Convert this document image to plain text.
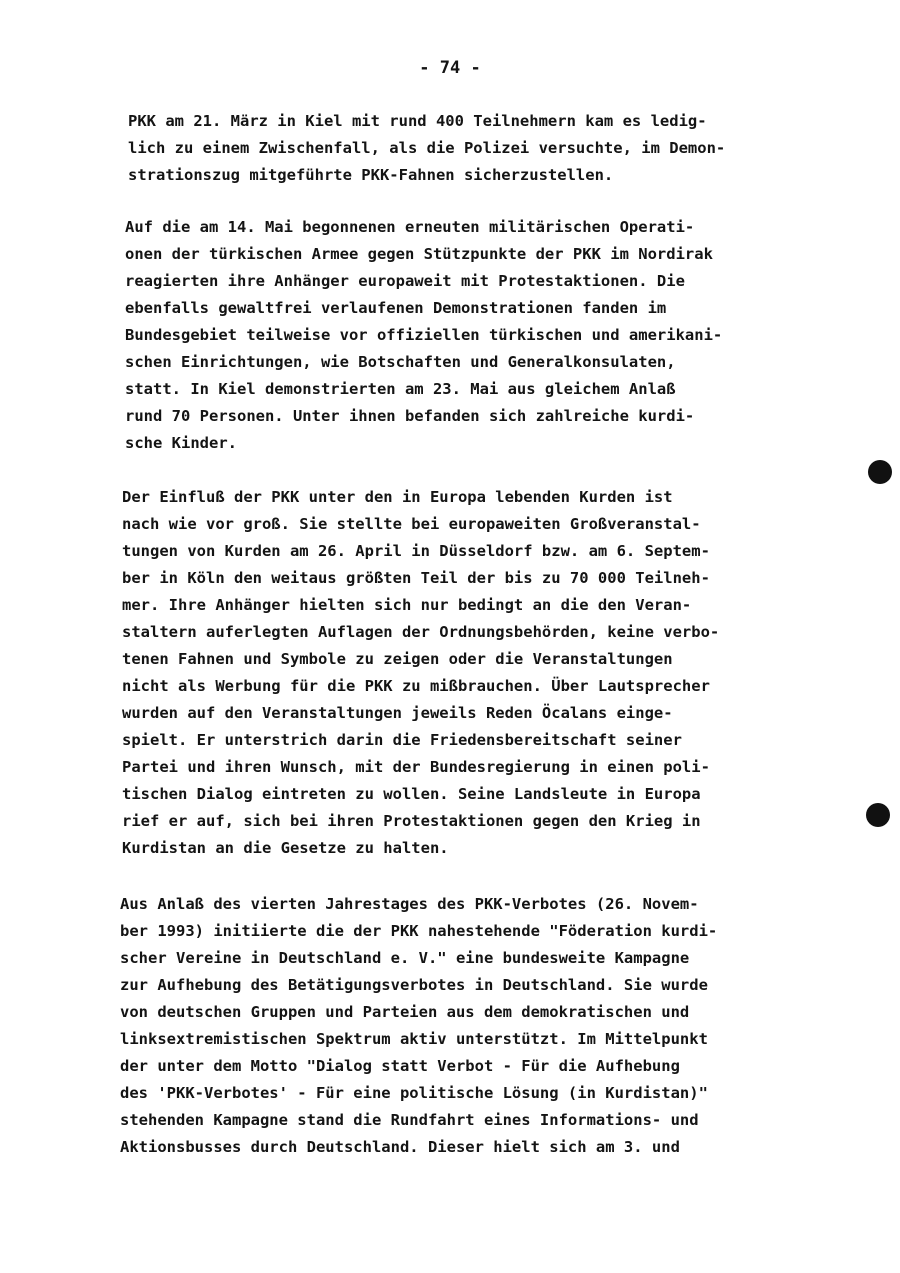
- 74 -

PKK am 21. März in Kiel mit rund 400 Teilnehmern kam es ledig-
lich zu einem Zwischenfall, als die Polizei versuchte, im Demon-
strationszug mitgeführte PKK-Fahnen sicherzustellen.

Auf die am 14. Mai begonnenen erneuten militärischen Operati-
onen der türkischen Armee gegen Stützpunkte der PKK im Nordirak
reagierten ihre Anhänger europaweit mit Protestaktionen. Die
ebenfalls gewaltfrei verlaufenen Demonstrationen fanden im
Bundesgebiet teilweise vor offiziellen türkischen und amerikani-
schen Einrichtungen, wie Botschaften und Generalkonsulaten,
statt. In Kiel demonstrierten am 23. Mai aus gleichem Anlaß
rund 70 Personen. Unter ihnen befanden sich zahlreiche kurdi-
sche Kinder.

Der Einfluß der PKK unter den in Europa lebenden Kurden ist
nach wie vor groß. Sie stellte bei europaweiten Großveranstal-
tungen von Kurden am 26. April in Düsseldorf bzw. am 6. Septem-
ber in Köln den weitaus größten Teil der bis zu 70 000 Teilneh-
mer. Ihre Anhänger hielten sich nur bedingt an die den Veran-
staltern auferlegten Auflagen der Ordnungsbehörden, keine verbo-
tenen Fahnen und Symbole zu zeigen oder die Veranstaltungen
nicht als Werbung für die PKK zu mißbrauchen. Über Lautsprecher
wurden auf den Veranstaltungen jeweils Reden Öcalans einge-
spielt. Er unterstrich darin die Friedensbereitschaft seiner
Partei und ihren Wunsch, mit der Bundesregierung in einen poli-
tischen Dialog eintreten zu wollen. Seine Landsleute in Europa
rief er auf, sich bei ihren Protestaktionen gegen den Krieg in
Kurdistan an die Gesetze zu halten.

Aus Anlaß des vierten Jahrestages des PKK-Verbotes (26. Novem-
ber 1993) initiierte die der PKK nahestehende "Föderation kurdi-
scher Vereine in Deutschland e. V." eine bundesweite Kampagne
zur Aufhebung des Betätigungsverbotes in Deutschland. Sie wurde
von deutschen Gruppen und Parteien aus dem demokratischen und
linksextremistischen Spektrum aktiv unterstützt. Im Mittelpunkt
der unter dem Motto "Dialog statt Verbot - Für die Aufhebung
des 'PKK-Verbotes' - Für eine politische Lösung (in Kurdistan)"
stehenden Kampagne stand die Rundfahrt eines Informations- und
Aktionsbusses durch Deutschland. Dieser hielt sich am 3. und
